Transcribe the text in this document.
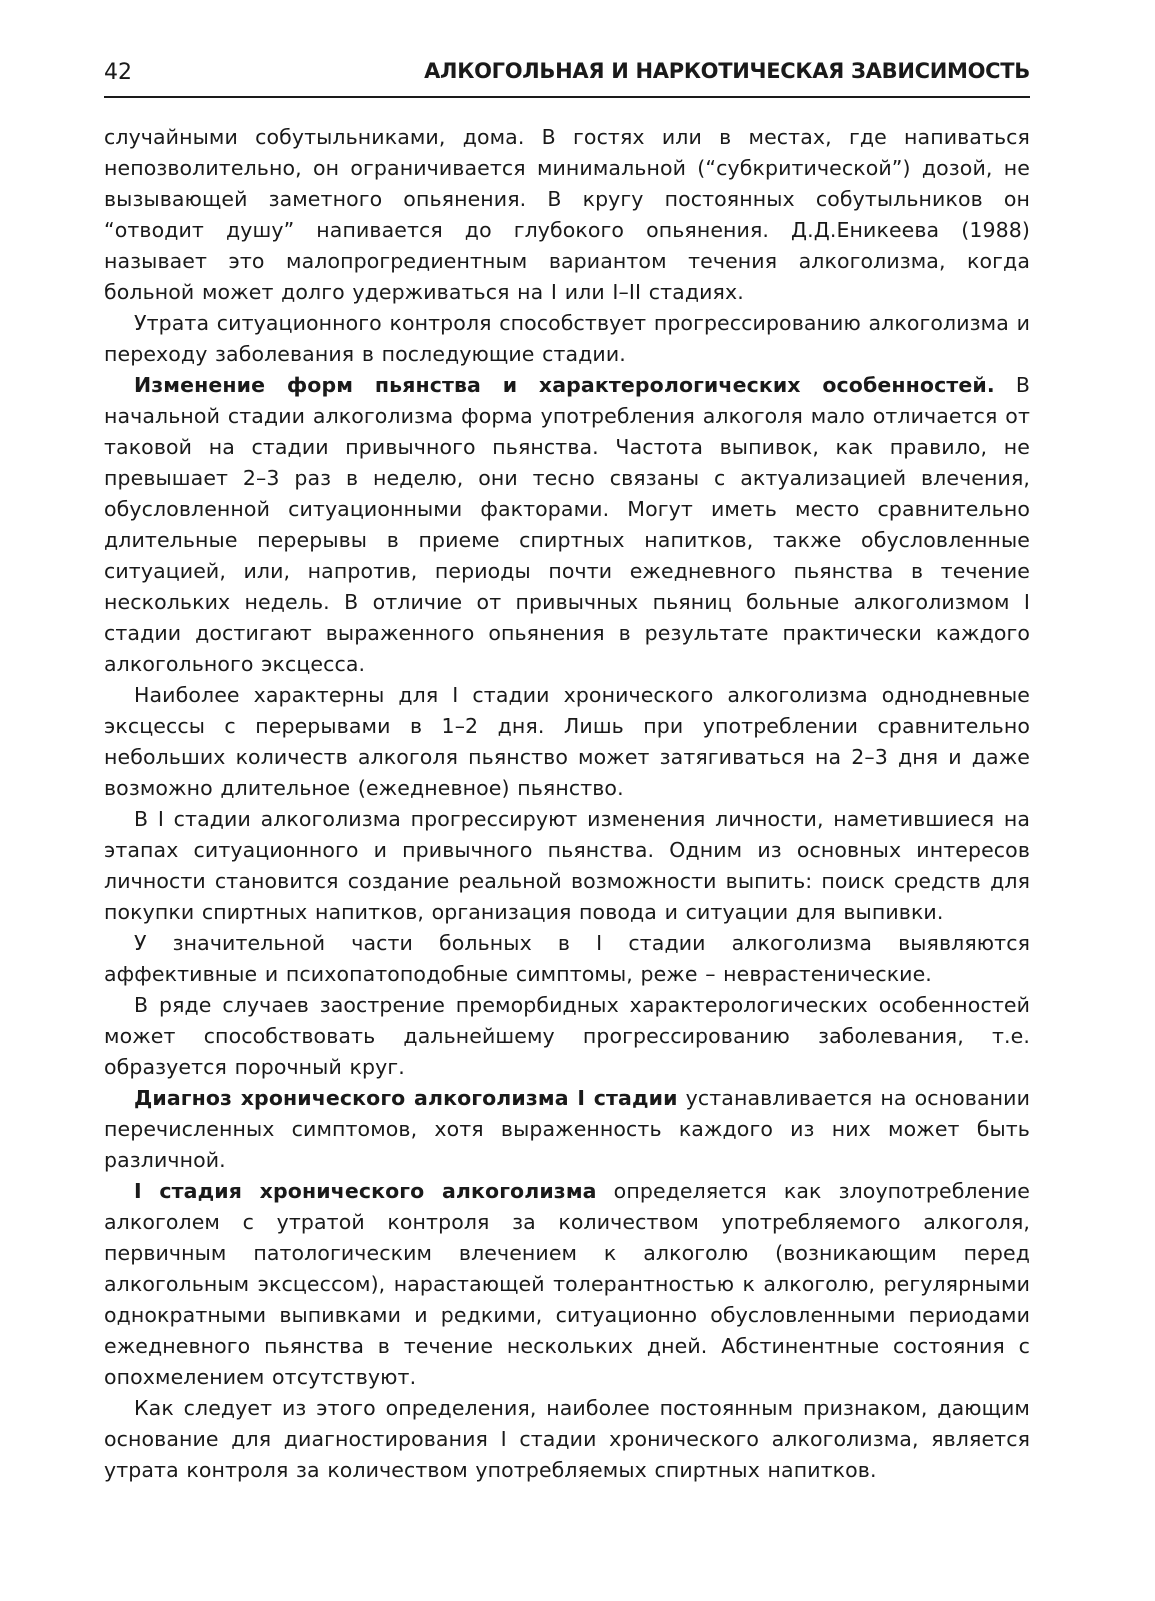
42	АЛКОГОЛЬНАЯ И НАРКОТИЧЕСКАЯ ЗАВИСИМОСТЬ

случайными собутыльниками, дома. В гостях или в местах, где напиваться непозволительно, он ограничивается минимальной (“субкритической”) дозой, не вызывающей заметного опьянения. В кругу постоянных собутыльников он “отводит душу” напивается до глубокого опьянения. Д.Д.Еникеева (1988) называет это малопрогредиентным вариантом течения алкоголизма, когда больной может долго удерживаться на I или I–II стадиях.

Утрата ситуационного контроля способствует прогрессированию алкоголизма и переходу заболевания в последующие стадии.

Изменение форм пьянства и характерологических особенностей. В начальной стадии алкоголизма форма употребления алкоголя мало отличается от таковой на стадии привычного пьянства. Частота выпивок, как правило, не превышает 2–3 раз в неделю, они тесно связаны с актуализацией влечения, обусловленной ситуационными факторами. Могут иметь место сравнительно длительные перерывы в приеме спиртных напитков, также обусловленные ситуацией, или, напротив, периоды почти ежедневного пьянства в течение нескольких недель. В отличие от привычных пьяниц больные алкоголизмом I стадии достигают выраженного опьянения в результате практически каждого алкогольного эксцесса.

Наиболее характерны для I стадии хронического алкоголизма однодневные эксцессы с перерывами в 1–2 дня. Лишь при употреблении сравнительно небольших количеств алкоголя пьянство может затягиваться на 2–3 дня и даже возможно длительное (ежедневное) пьянство.

В I стадии алкоголизма прогрессируют изменения личности, наметившиеся на этапах ситуационного и привычного пьянства. Одним из основных интересов личности становится создание реальной возможности выпить: поиск средств для покупки спиртных напитков, организация повода и ситуации для выпивки.

У значительной части больных в I стадии алкоголизма выявляются аффективные и психопатоподобные симптомы, реже – неврастенические.

В ряде случаев заострение преморбидных характерологических особенностей может способствовать дальнейшему прогрессированию заболевания, т.е. образуется порочный круг.

Диагноз хронического алкоголизма I стадии устанавливается на основании перечисленных симптомов, хотя выраженность каждого из них может быть различной.

I стадия хронического алкоголизма определяется как злоупотребление алкоголем с утратой контроля за количеством употребляемого алкоголя, первичным патологическим влечением к алкоголю (возникающим перед алкогольным эксцессом), нарастающей толерантностью к алкоголю, регулярными однократными выпивками и редкими, ситуационно обусловленными периодами ежедневного пьянства в течение нескольких дней. Абстинентные состояния с опохмелением отсутствуют.

Как следует из этого определения, наиболее постоянным признаком, дающим основание для диагностирования I стадии хронического алкоголизма, является утрата контроля за количеством употребляемых спиртных напитков.
